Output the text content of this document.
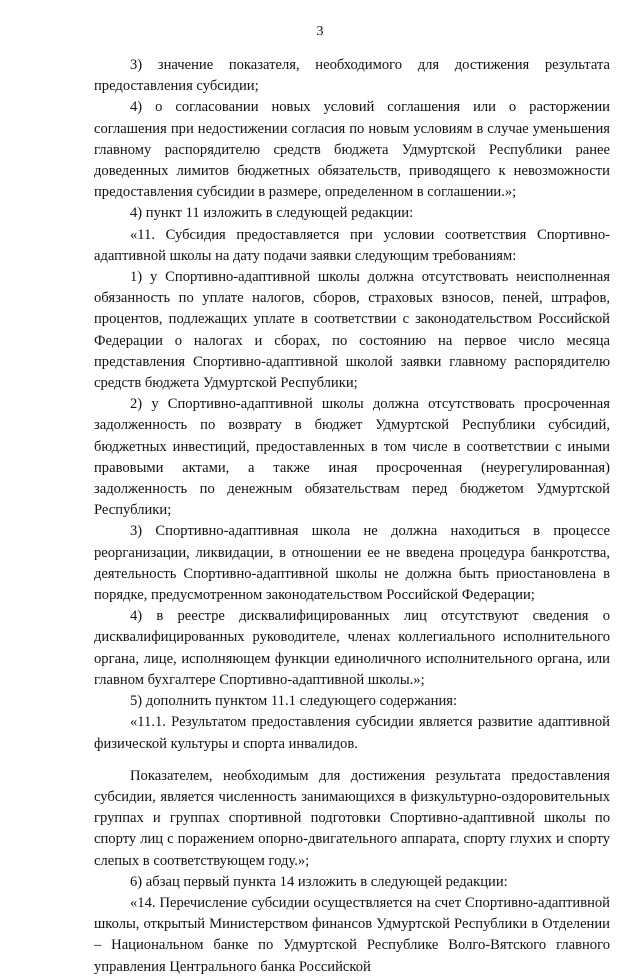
3

3) значение показателя, необходимого для достижения результата предоставления субсидии;

4) о согласовании новых условий соглашения или о расторжении соглашения при недостижении согласия по новым условиям в случае уменьшения главному распорядителю средств бюджета Удмуртской Республики ранее доведенных лимитов бюджетных обязательств, приводящего к невозможности предоставления субсидии в размере, определенном в соглашении.»;

4) пункт 11 изложить в следующей редакции:

«11. Субсидия предоставляется при условии соответствия Спортивно-адаптивной школы на дату подачи заявки следующим требованиям:

1) у Спортивно-адаптивной школы должна отсутствовать неисполненная обязанность по уплате налогов, сборов, страховых взносов, пеней, штрафов, процентов, подлежащих уплате в соответствии с законодательством Российской Федерации о налогах и сборах, по состоянию на первое число месяца представления Спортивно-адаптивной школой заявки главному распорядителю средств бюджета Удмуртской Республики;

2) у Спортивно-адаптивной школы должна отсутствовать просроченная задолженность по возврату в бюджет Удмуртской Республики субсидий, бюджетных инвестиций, предоставленных в том числе в соответствии с иными правовыми актами, а также иная просроченная (неурегулированная) задолженность по денежным обязательствам перед бюджетом Удмуртской Республики;

3) Спортивно-адаптивная школа не должна находиться в процессе реорганизации, ликвидации, в отношении ее не введена процедура банкротства, деятельность Спортивно-адаптивной школы не должна быть приостановлена в порядке, предусмотренном законодательством Российской Федерации;

4) в реестре дисквалифицированных лиц отсутствуют сведения о дисквалифицированных руководителе, членах коллегиального исполнительного органа, лице, исполняющем функции единоличного исполнительного органа, или главном бухгалтере Спортивно-адаптивной школы.»;

5) дополнить пунктом 11.1 следующего содержания:

«11.1. Результатом предоставления субсидии является развитие адаптивной физической культуры и спорта инвалидов.

Показателем, необходимым для достижения результата предоставления субсидии, является численность занимающихся в физкультурно-оздоровительных группах и группах спортивной подготовки Спортивно-адаптивной школы по спорту лиц с поражением опорно-двигательного аппарата, спорту глухих и спорту слепых в соответствующем году.»;

6) абзац первый пункта 14 изложить в следующей редакции:

«14. Перечисление субсидии осуществляется на счет Спортивно-адаптивной школы, открытый Министерством финансов Удмуртской Республики в Отделении – Национальном банке по Удмуртской Республике Волго-Вятского главного управления Центрального банка Российской
